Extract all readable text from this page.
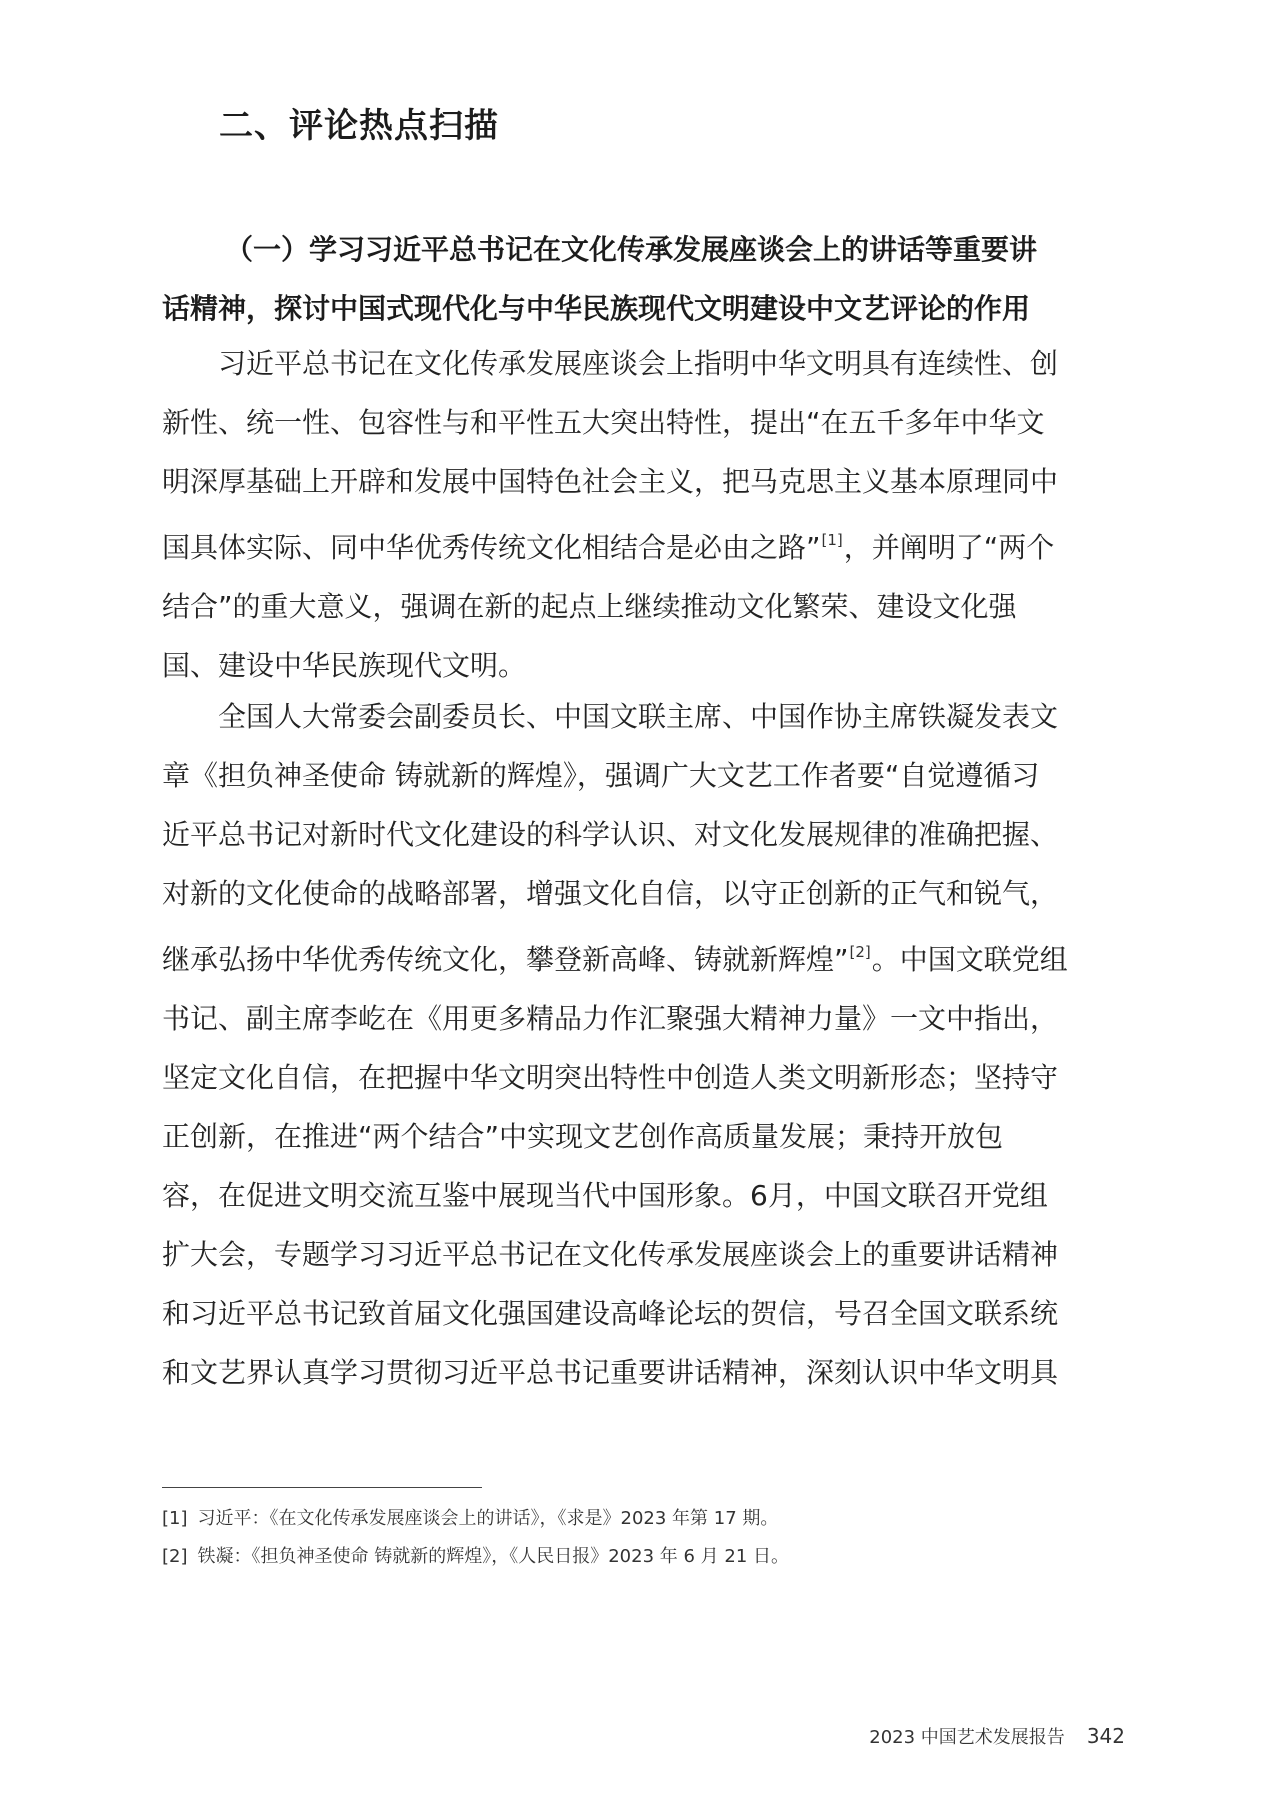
二、评论热点扫描
（一）学习习近平总书记在文化传承发展座谈会上的讲话等重要讲
话精神，探讨中国式现代化与中华民族现代文明建设中文艺评论的作用

习近平总书记在文化传承发展座谈会上指明中华文明具有连续性、创
新性、统一性、包容性与和平性五大突出特性，提出“在五千多年中华文
明深厚基础上开辟和发展中国特色社会主义，把马克思主义基本原理同中
国具体实际、同中华优秀传统文化相结合是必由之路”[1]，并阐明了“两个
结合”的重大意义，强调在新的起点上继续推动文化繁荣、建设文化强
国、建设中华民族现代文明。

全国人大常委会副委员长、中国文联主席、中国作协主席铁凝发表文
章《担负神圣使命 铸就新的辉煌》，强调广大文艺工作者要“自觉遵循习
近平总书记对新时代文化建设的科学认识、对文化发展规律的准确把握、
对新的文化使命的战略部署，增强文化自信，以守正创新的正气和锐气，
继承弘扬中华优秀传统文化，攀登新高峰、铸就新辉煌”[2]。中国文联党组
书记、副主席李屹在《用更多精品力作汇聚强大精神力量》一文中指出，
坚定文化自信，在把握中华文明突出特性中创造人类文明新形态；坚持守
正创新，在推进“两个结合”中实现文艺创作高质量发展；秉持开放包
容，在促进文明交流互鉴中展现当代中国形象。6月，中国文联召开党组
扩大会，专题学习习近平总书记在文化传承发展座谈会上的重要讲话精神
和习近平总书记致首届文化强国建设高峰论坛的贺信，号召全国文联系统
和文艺界认真学习贯彻习近平总书记重要讲话精神，深刻认识中华文明具

[1] 习近平：《在文化传承发展座谈会上的讲话》，《求是》2023 年第 17 期。
[2] 铁凝：《担负神圣使命 铸就新的辉煌》，《人民日报》2023 年 6 月 21 日。
2023 中国艺术发展报告 342
